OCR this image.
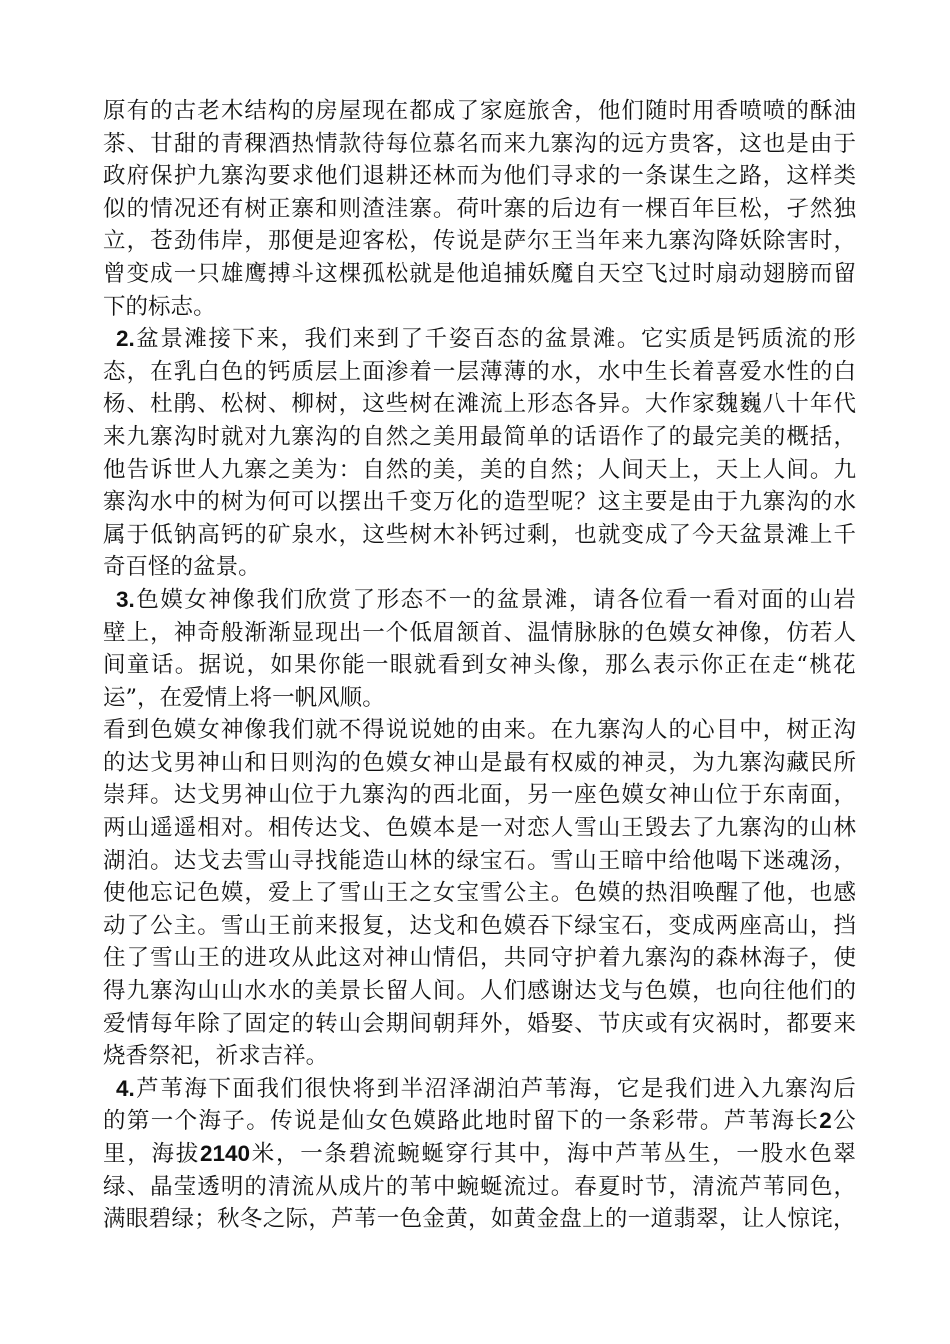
原 有 的 古 老 木 结 构 的 房 屋 现 在 都 成 了 家 庭 旅 舍 ， 他 们 随 时 用 香 喷 喷 的 酥 油
茶 、 甘 甜 的 青 稞 酒 热 情 款 待 每 位 慕 名 而 来 九 寨 沟 的 远 方 贵 客 ， 这 也 是 由 于
政 府 保 护 九 寨 沟 要 求 他 们 退 耕 还 林 而 为 他 们 寻 求 的 一 条 谋 生 之 路 ， 这 样 类
似 的 情 况 还 有 树 正 寨 和 则 渣 洼 寨 。 荷 叶 寨 的 后 边 有 一 棵 百 年 巨 松 ， 孑 然 独
立 ， 苍 劲 伟 岸 ， 那 便 是 迎 客 松 ， 传 说 是 萨 尔 王 当 年 来 九 寨 沟 降 妖 除 害 时 ，
曾 变 成 一 只 雄 鹰 搏 斗 这 棵 孤 松 就 是 他 追 捕 妖 魔 自 天 空 飞 过 时 扇 动 翅 膀 而 留
下 的 标 志 。
2. 盆 景 滩 接 下 来 ， 我 们 来 到 了 千 姿 百 态 的 盆 景 滩 。 它 实 质 是 钙 质 流 的 形
态 ， 在 乳 白 色 的 钙 质 层 上 面 渗 着 一 层 薄 薄 的 水 ， 水 中 生 长 着 喜 爱 水 性 的 白
杨 、 杜 鹃 、 松 树 、 柳 树 ， 这 些 树 在 滩 流 上 形 态 各 异 。 大 作 家 魏 巍 八 十 年 代
来 九 寨 沟 时 就 对 九 寨 沟 的 自 然 之 美 用 最 简 单 的 话 语 作 了 的 最 完 美 的 概 括 ，
他 告 诉 世 人 九 寨 之 美 为 ： 自 然 的 美 ， 美 的 自 然 ； 人 间 天 上 ， 天 上 人 间 。 九
寨 沟 水 中 的 树 为 何 可 以 摆 出 千 变 万 化 的 造 型 呢 ？ 这 主 要 是 由 于 九 寨 沟 的 水
属 于 低 钠 高 钙 的 矿 泉 水 ， 这 些 树 木 补 钙 过 剩 ， 也 就 变 成 了 今 天 盆 景 滩 上 千
奇 百 怪 的 盆 景 。
3. 色 嫫 女 神 像 我 们 欣 赏 了 形 态 不 一 的 盆 景 滩 ， 请 各 位 看 一 看 对 面 的 山 岩
壁 上 ， 神 奇 般 渐 渐 显 现 出 一 个 低 眉 颔 首 、 温 情 脉 脉 的 色 嫫 女 神 像 ， 仿 若 人
间 童 话 。 据 说 ， 如 果 你 能 一 眼 就 看 到 女 神 头 像 ， 那 么 表 示 你 正 在 走 “ 桃 花
运 ” ， 在 爱 情 上 将 一 帆 风 顺 。
看 到 色 嫫 女 神 像 我 们 就 不 得 说 说 她 的 由 来 。 在 九 寨 沟 人 的 心 目 中 ， 树 正 沟
的 达 戈 男 神 山 和 日 则 沟 的 色 嫫 女 神 山 是 最 有 权 威 的 神 灵 ， 为 九 寨 沟 藏 民 所
崇 拜 。 达 戈 男 神 山 位 于 九 寨 沟 的 西 北 面 ， 另 一 座 色 嫫 女 神 山 位 于 东 南 面 ，
两 山 遥 遥 相 对 。 相 传 达 戈 、 色 嫫 本 是 一 对 恋 人 雪 山 王 毁 去 了 九 寨 沟 的 山 林
湖 泊 。 达 戈 去 雪 山 寻 找 能 造 山 林 的 绿 宝 石 。 雪 山 王 暗 中 给 他 喝 下 迷 魂 汤 ，
使 他 忘 记 色 嫫 ， 爱 上 了 雪 山 王 之 女 宝 雪 公 主 。 色 嫫 的 热 泪 唤 醒 了 他 ， 也 感
动 了 公 主 。 雪 山 王 前 来 报 复 ， 达 戈 和 色 嫫 吞 下 绿 宝 石 ， 变 成 两 座 高 山 ， 挡
住 了 雪 山 王 的 进 攻 从 此 这 对 神 山 情 侣 ， 共 同 守 护 着 九 寨 沟 的 森 林 海 子 ， 使
得 九 寨 沟 山 山 水 水 的 美 景 长 留 人 间 。 人 们 感 谢 达 戈 与 色 嫫 ， 也 向 往 他 们 的
爱 情 每 年 除 了 固 定 的 转 山 会 期 间 朝 拜 外 ， 婚 娶 、 节 庆 或 有 灾 祸 时 ， 都 要 来
烧 香 祭 祀 ， 祈 求 吉 祥 。
4. 芦 苇 海 下 面 我 们 很 快 将 到 半 沼 泽 湖 泊 芦 苇 海 ， 它 是 我 们 进 入 九 寨 沟 后
的 第 一 个 海 子 。 传 说 是 仙 女 色 嫫 路 此 地 时 留 下 的 一 条 彩 带 。 芦 苇 海 长 2 公
里 ， 海 拔 2140 米 ， 一 条 碧 流 蜿 蜒 穿 行 其 中 ， 海 中 芦 苇 丛 生 ， 一 股 水 色 翠
绿 、 晶 莹 透 明 的 清 流 从 成 片 的 苇 中 蜿 蜒 流 过 。 春 夏 时 节 ， 清 流 芦 苇 同 色 ，
满 眼 碧 绿 ； 秋 冬 之 际 ， 芦 苇 一 色 金 黄 ， 如 黄 金 盘 上 的 一 道 翡 翠 ， 让 人 惊 诧 ，
